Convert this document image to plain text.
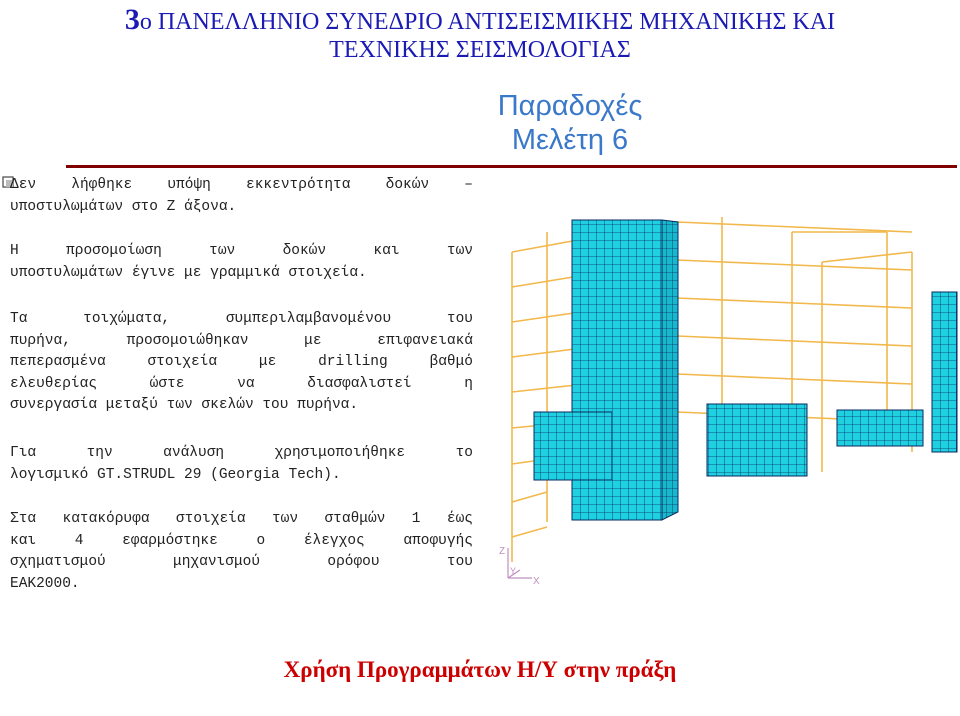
3ο ΠΑΝΕΛΛΗΝΙΟ ΣΥΝΕΔΡΙΟ ΑΝΤΙΣΕΙΣΜΙΚΗΣ ΜΗΧΑΝΙΚΗΣ ΚΑΙ
ΤΕΧΝΙΚΗΣ ΣΕΙΣΜΟΛΟΓΙΑΣ
Παραδοχές
Μελέτη 6
Δεν λήφθηκε υπόψη εκκεντρότητα δοκών –
υποστυλωμάτων στο Z άξονα.
Η προσομοίωση των δοκών και των
υποστυλωμάτων έγινε με γραμμικά στοιχεία.
Τα τοιχώματα, συμπεριλαμβανομένου του
πυρήνα, προσομοιώθηκαν με επιφανειακά
πεπερασμένα στοιχεία με drilling βαθμό
ελευθερίας ώστε να διασφαλιστεί η
συνεργασία μεταξύ των σκελών του πυρήνα.
Για την ανάλυση χρησιμοποιήθηκε το
λογισμικό GT.STRUDL 29 (Georgia Tech).
Στα κατακόρυφα στοιχεία των σταθμών 1 έως
και 4 εφαρμόστηκε ο έλεγχος αποφυγής
σχηματισμού μηχανισμού ορόφου του
ΕΑΚ2000.
Z
Y
X
Χρήση Προγραμμάτων Η/Υ στην πράξη
